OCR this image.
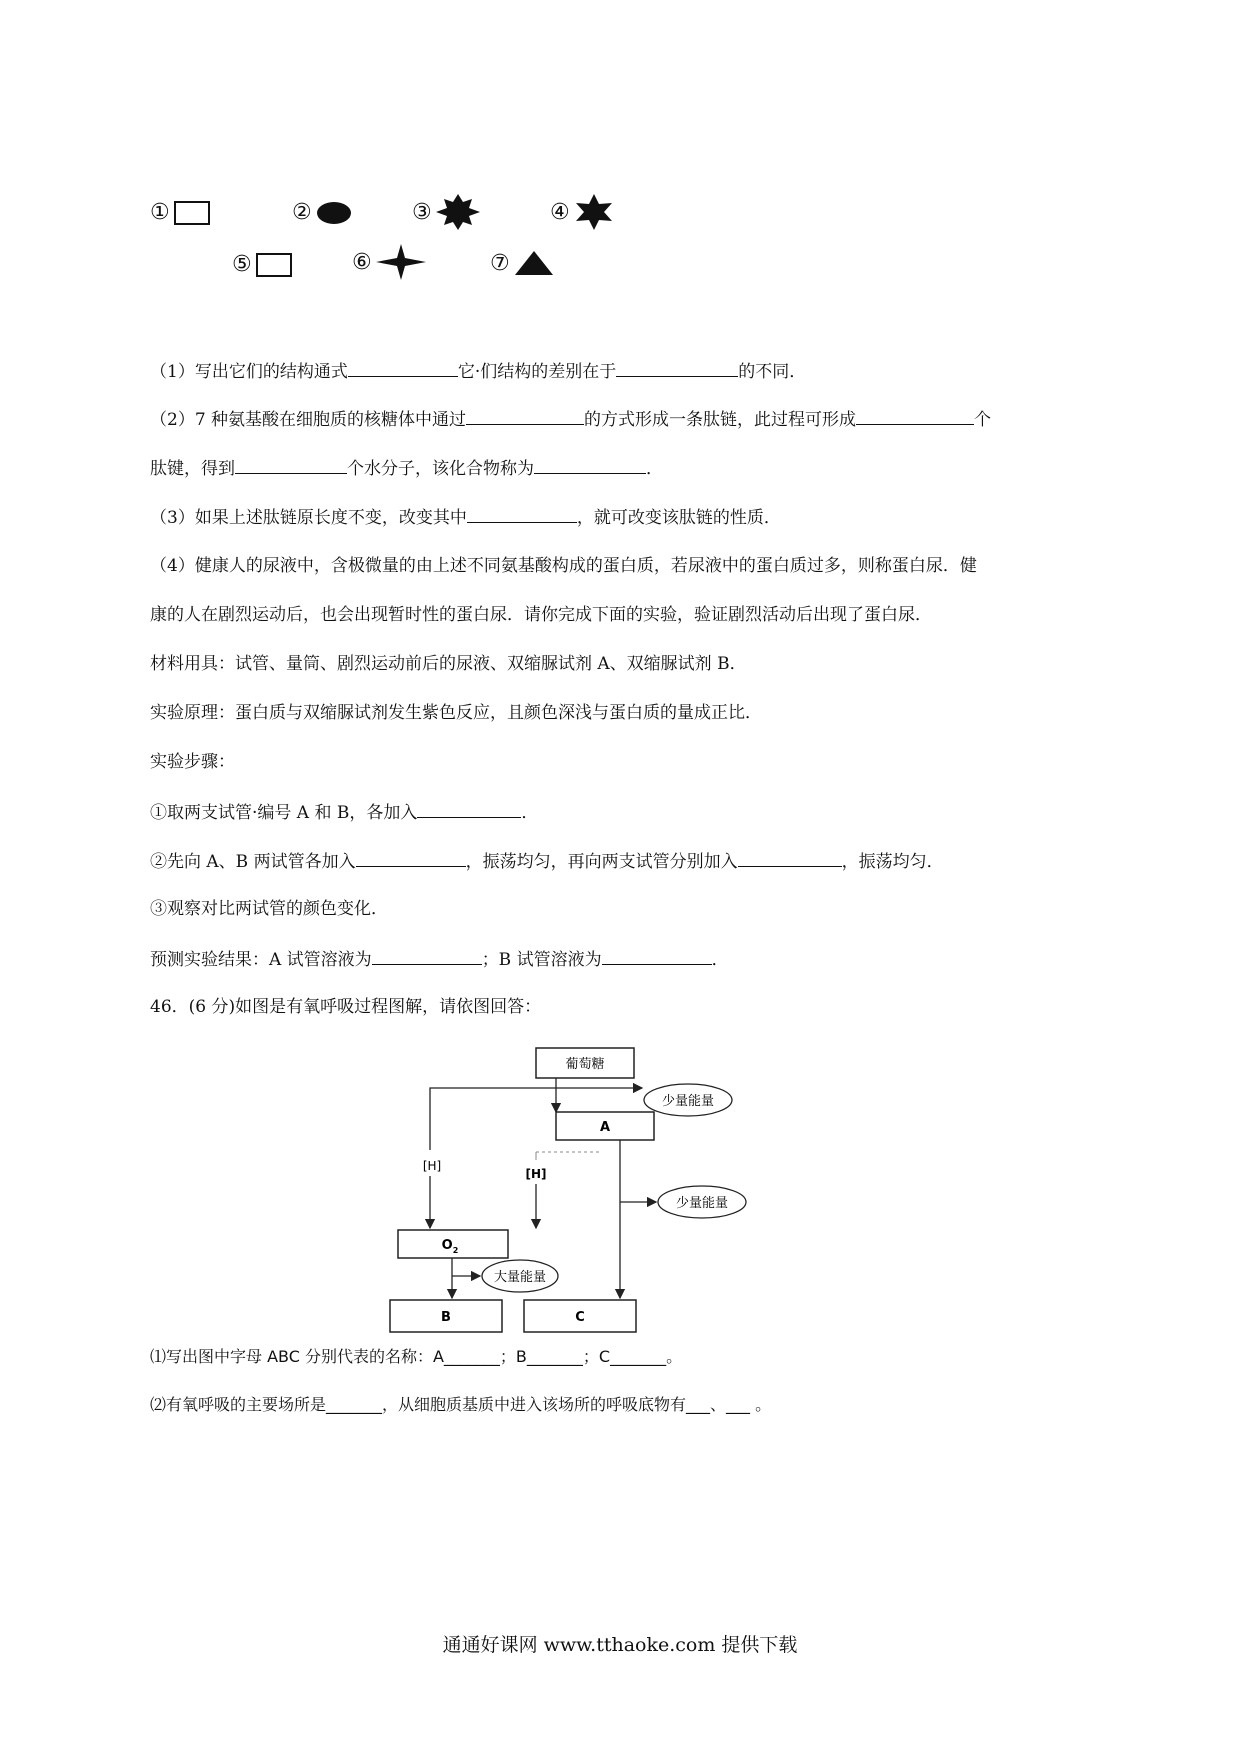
①	②	③	④
⑤	⑥	⑦
（1）写出它们的结构通式	它·们结构的差别在于	的不同．
（2）7 种氨基酸在细胞质的核糖体中通过	的方式形成一条肽链，此过程可形成	个
肽键，得到	个水分子，该化合物称为	．
（3）如果上述肽链原长度不变，改变其中	，就可改变该肽链的性质．
（4）健康人的尿液中，含极微量的由上述不同氨基酸构成的蛋白质，若尿液中的蛋白质过多，则称蛋白尿．健
康的人在剧烈运动后，也会出现暂时性的蛋白尿．请你完成下面的实验，验证剧烈活动后出现了蛋白尿．
材料用具：试管、量筒、剧烈运动前后的尿液、双缩脲试剂 A、双缩脲试剂 B．
实验原理：蛋白质与双缩脲试剂发生紫色反应，且颜色深浅与蛋白质的量成正比．
实验步骤：
①取两支试管·编号 A 和 B，各加入	．
②先向 A、B 两试管各加入	，振荡均匀，再向两支试管分别加入	，振荡均匀．
③观察对比两试管的颜色变化．
预测实验结果：A 试管溶液为	；B 试管溶液为	．
46．(6 分)如图是有氧呼吸过程图解，请依图回答：
葡萄糖
少量能量
A
[H]
[H]
少量能量
$O_2$
大量能量
B	C
⑴写出图中字母 ABC 分别代表的名称：A_______；B_______；C_______。
⑵有氧呼吸的主要场所是_______，从细胞质基质中进入该场所的呼吸底物有___、___ 。
通通好课网 www.tthaoke.com 提供下载
